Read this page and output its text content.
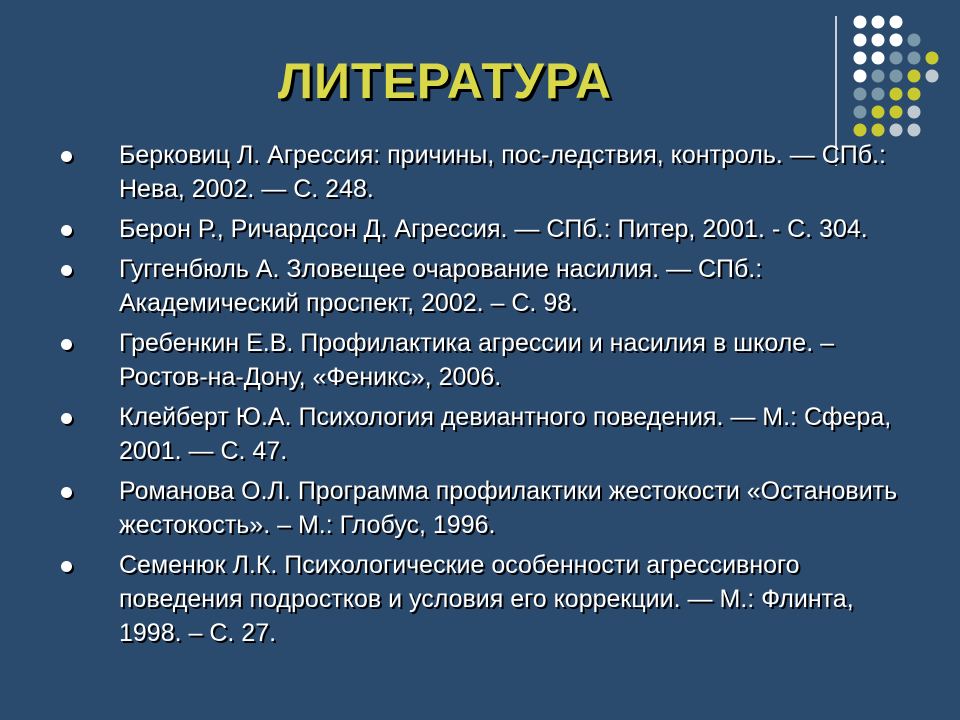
ЛИТЕРАТУРА
Берковиц Л. Агрессия: причины, пос-ледствия, контроль. — СПб.: Нева, 2002. — С. 248.
Берон Р., Ричардсон Д. Агрессия. — СПб.: Питер, 2001. - С. 304.
Гуггенбюль А. Зловещее очарование насилия. — СПб.: Академический проспект, 2002. – С. 98.
Гребенкин Е.В. Профилактика агрессии и насилия в школе. – Ростов-на-Дону, «Феникс», 2006.
Клейберт Ю.А. Психология девиантного поведения. — М.: Сфера, 2001. — С. 47.
Романова О.Л. Программа профилактики жестокости «Остановить жестокость». – М.: Глобус, 1996.
Семенюк Л.К. Психологические особенности агрессивного поведения подростков и условия его коррекции. — М.: Флинта, 1998. – С. 27.
